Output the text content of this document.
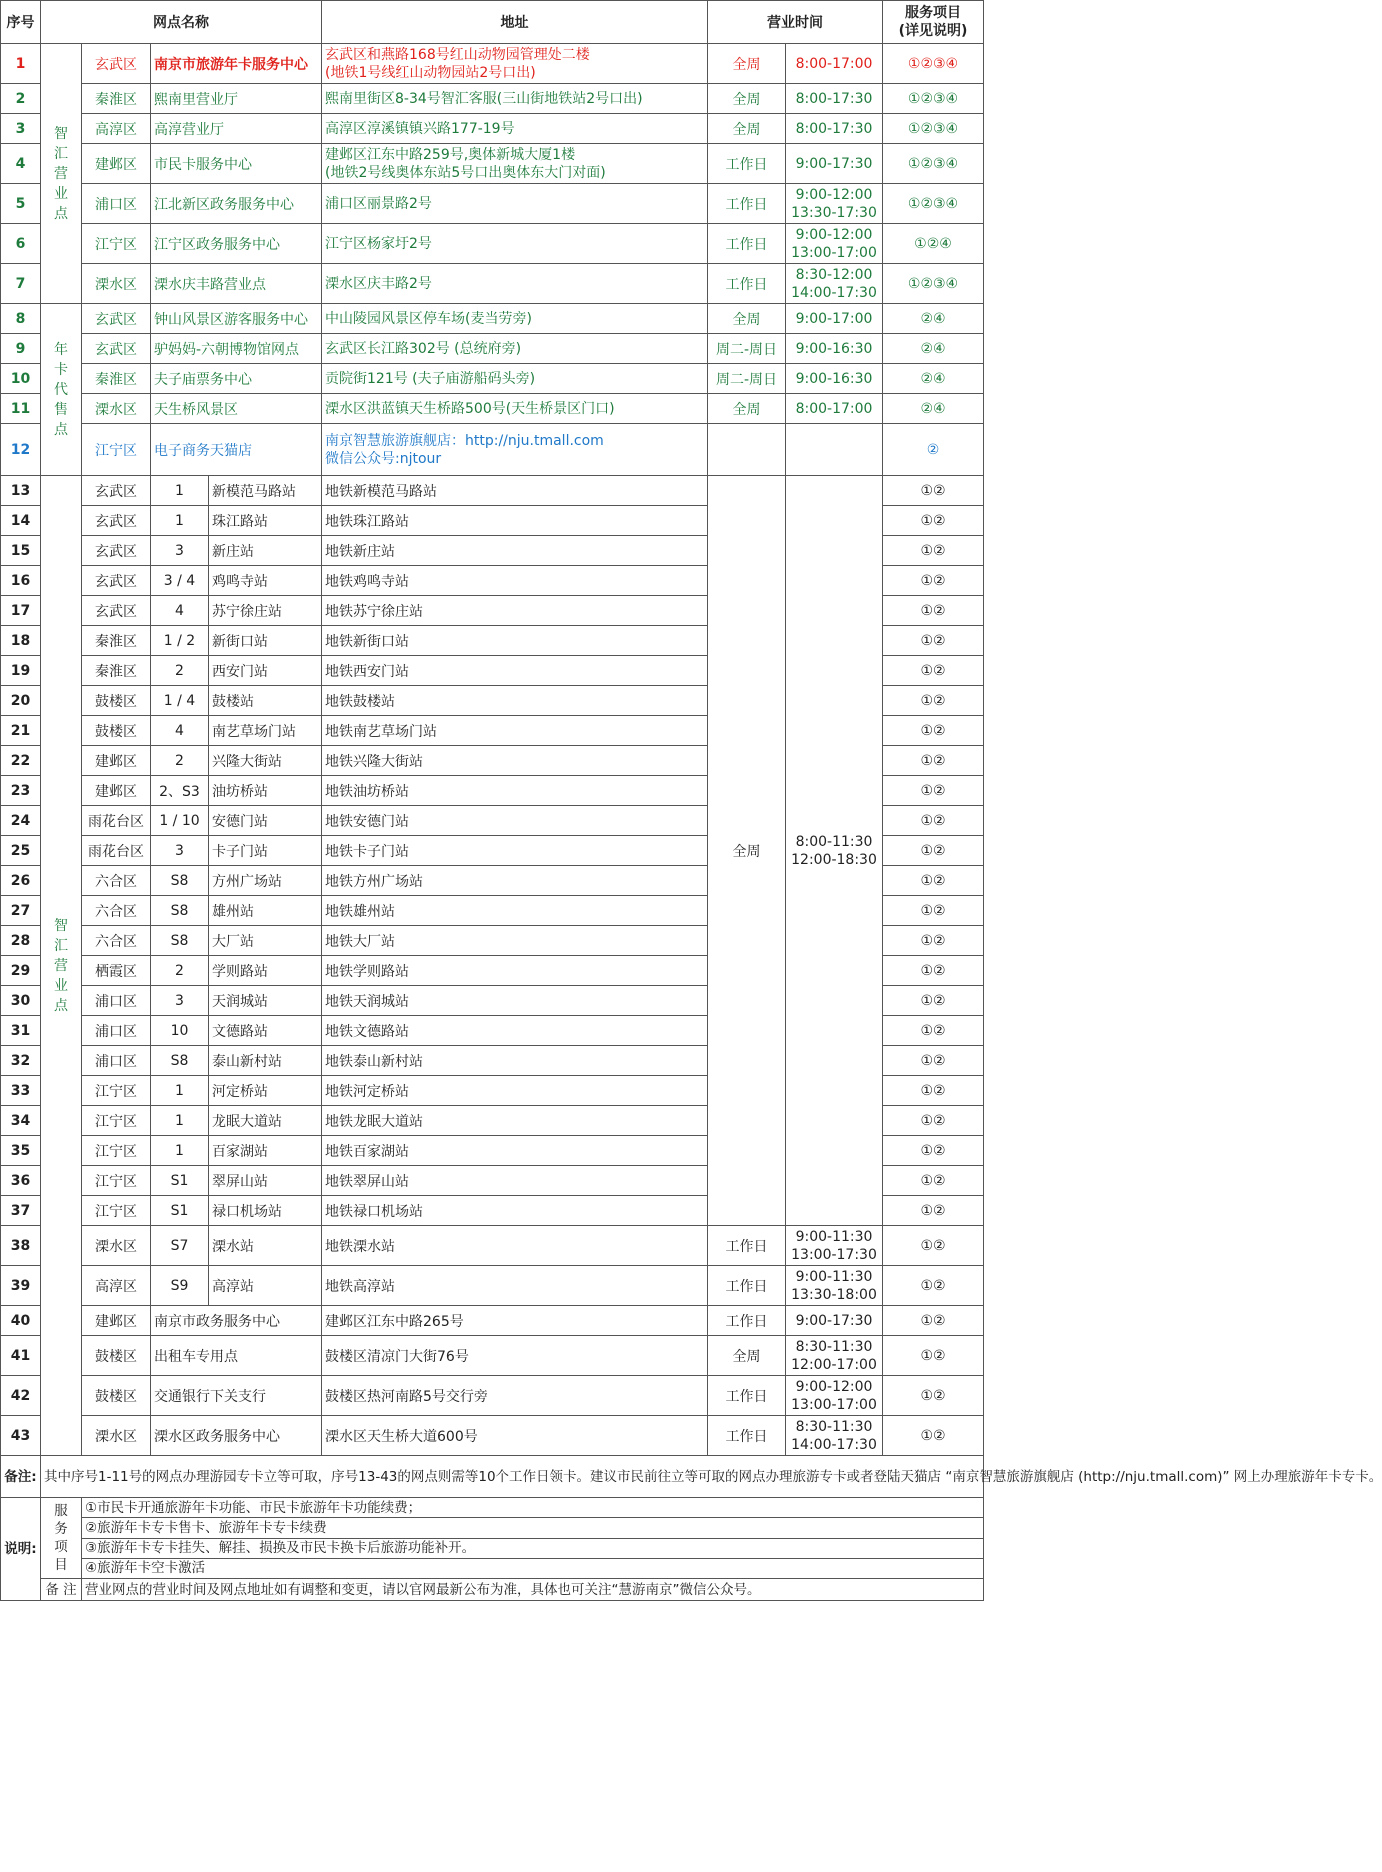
序号	网点名称				地址	营业时间		服务项目
(详见说明)

1	智
汇
营
业
点	玄武区	南京市旅游年卡服务中心		玄武区和燕路168号红山动物园管理处二楼
(地铁1号线红山动物园站2号口出)	全周	8:00-17:00	①②③④
2		秦淮区	熙南里营业厅		熙南里街区8-34号智汇客服(三山街地铁站2号口出)	全周	8:00-17:30	①②③④
3		高淳区	高淳营业厅		高淳区淳溪镇镇兴路177-19号	全周	8:00-17:30	①②③④
4		建邺区	市民卡服务中心		建邺区江东中路259号,奥体新城大厦1楼
(地铁2号线奥体东站5号口出奥体东大门对面)	工作日	9:00-17:30	①②③④
5		浦口区	江北新区政务服务中心		浦口区丽景路2号	工作日	9:00-12:00
13:30-17:30	①②③④
6		江宁区	江宁区政务服务中心		江宁区杨家圩2号	工作日	9:00-12:00
13:00-17:00	①②④
7		溧水区	溧水庆丰路营业点		溧水区庆丰路2号	工作日	8:30-12:00
14:00-17:30	①②③④
8	年
卡
代
售
点	玄武区	钟山风景区游客服务中心		中山陵园风景区停车场(麦当劳旁)	全周	9:00-17:00	②④
9		玄武区	驴妈妈-六朝博物馆网点		玄武区长江路302号 (总统府旁)	周二-周日	9:00-16:30	②④
10		秦淮区	夫子庙票务中心		贡院街121号 (夫子庙游船码头旁)	周二-周日	9:00-16:30	②④
11		溧水区	天生桥风景区		溧水区洪蓝镇天生桥路500号(天生桥景区门口)	全周	8:00-17:00	②④
12		江宁区	电子商务天猫店		南京智慧旅游旗舰店：http://nju.tmall.com
微信公众号:njtour			②
13	智
汇
营
业
点	玄武区	1	新模范马路站	地铁新模范马路站	全周	8:00-11:30
12:00-18:30	①②
14		玄武区	1	珠江路站	地铁珠江路站			①②
15		玄武区	3	新庄站	地铁新庄站			①②
16		玄武区	3 / 4	鸡鸣寺站	地铁鸡鸣寺站			①②
17		玄武区	4	苏宁徐庄站	地铁苏宁徐庄站			①②
18		秦淮区	1 / 2	新街口站	地铁新街口站			①②
19		秦淮区	2	西安门站	地铁西安门站			①②
20		鼓楼区	1 / 4	鼓楼站	地铁鼓楼站			①②
21		鼓楼区	4	南艺草场门站	地铁南艺草场门站			①②
22		建邺区	2	兴隆大街站	地铁兴隆大街站			①②
23		建邺区	2、S3	油坊桥站	地铁油坊桥站			①②
24		雨花台区	1 / 10	安德门站	地铁安德门站			①②
25		雨花台区	3	卡子门站	地铁卡子门站			①②
26		六合区	S8	方州广场站	地铁方州广场站			①②
27		六合区	S8	雄州站	地铁雄州站			①②
28		六合区	S8	大厂站	地铁大厂站			①②
29		栖霞区	2	学则路站	地铁学则路站			①②
30		浦口区	3	天润城站	地铁天润城站			①②
31		浦口区	10	文德路站	地铁文德路站			①②
32		浦口区	S8	泰山新村站	地铁泰山新村站			①②
33		江宁区	1	河定桥站	地铁河定桥站			①②
34		江宁区	1	龙眠大道站	地铁龙眠大道站			①②
35		江宁区	1	百家湖站	地铁百家湖站			①②
36		江宁区	S1	翠屏山站	地铁翠屏山站			①②
37		江宁区	S1	禄口机场站	地铁禄口机场站			①②
38		溧水区	S7	溧水站	地铁溧水站	工作日	9:00-11:30
13:00-17:30	①②
39		高淳区	S9	高淳站	地铁高淳站	工作日	9:00-11:30
13:30-18:00	①②
40		建邺区	南京市政务服务中心		建邺区江东中路265号	工作日	9:00-17:30	①②
41		鼓楼区	出租车专用点		鼓楼区清凉门大街76号	全周	8:30-11:30
12:00-17:00	①②
42		鼓楼区	交通银行下关支行		鼓楼区热河南路5号交行旁	工作日	9:00-12:00
13:00-17:00	①②
43		溧水区	溧水区政务服务中心		溧水区天生桥大道600号	工作日	8:30-11:30
14:00-17:30	①②
备注:	其中序号1-11号的网点办理游园专卡立等可取，序号13-43的网点则需等10个工作日领卡。建议市民前往立等可取的网点办理旅游专卡或者登陆天猫店 “南京智慧旅游旗舰店 (http://nju.tmall.com)” 网上办理旅游年卡专卡。							
说明:	服
务
项
目	①市民卡开通旅游年卡功能、市民卡旅游年卡功能续费；						
		②旅游年卡专卡售卡、旅游年卡专卡续费						
		③旅游年卡专卡挂失、解挂、损换及市民卡换卡后旅游功能补开。						
		④旅游年卡空卡激活						
	备 注	营业网点的营业时间及网点地址如有调整和变更，请以官网最新公布为准，具体也可关注“慧游南京”微信公众号。						
